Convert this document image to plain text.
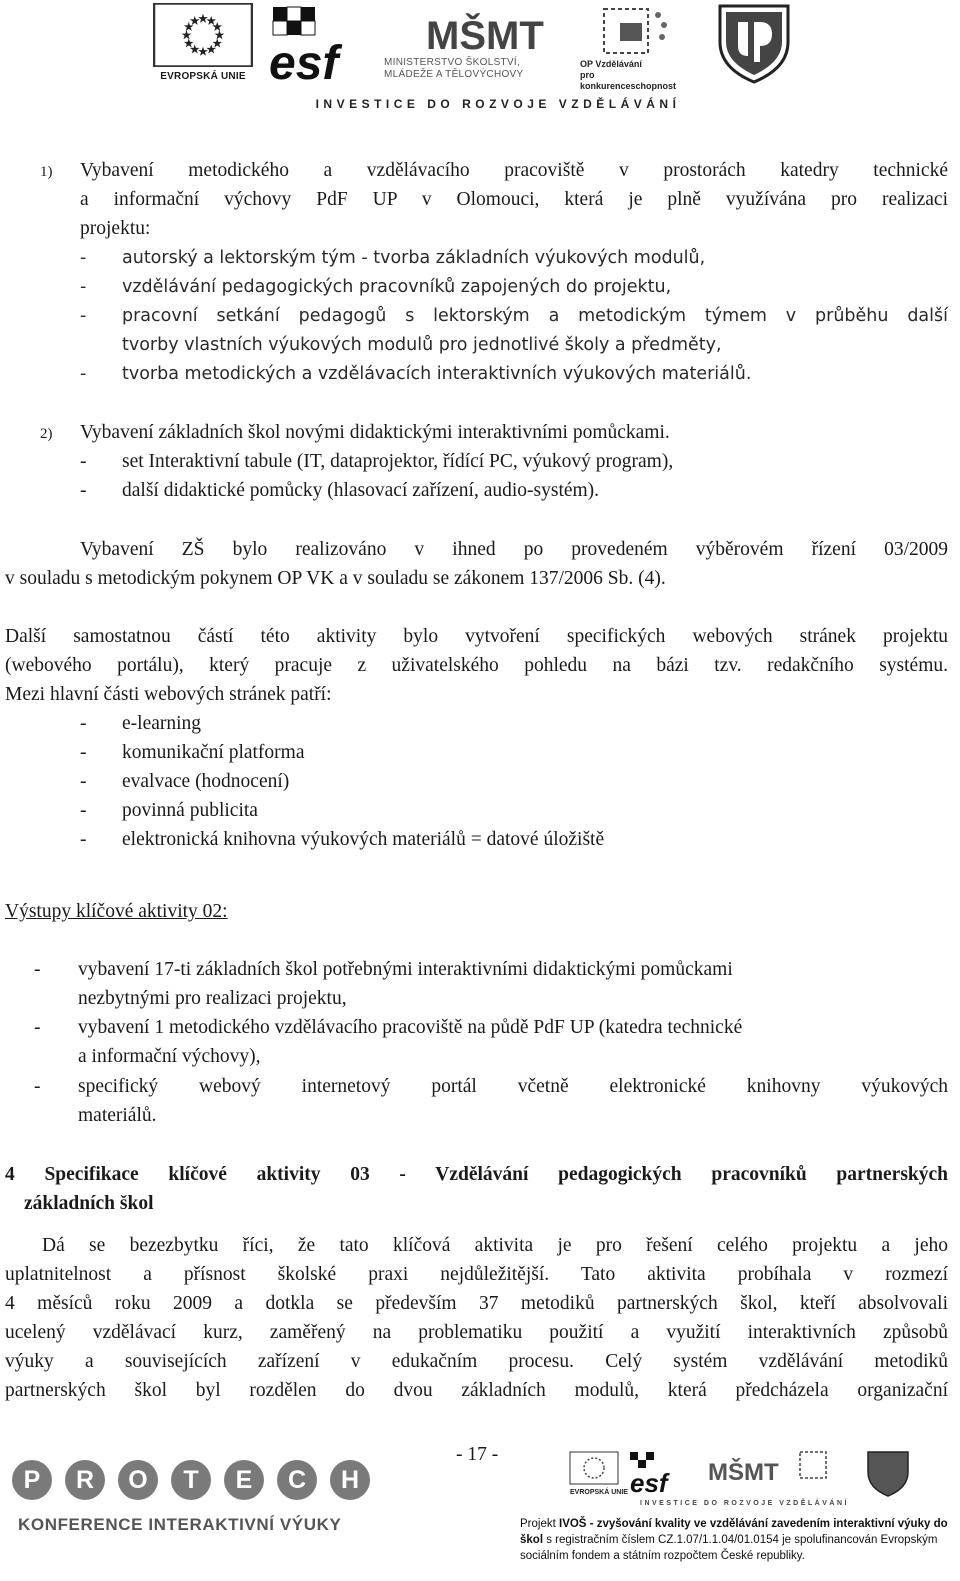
EVROPSKÁ UNIE esf
MŠMT
MINISTERSTVO ŠKOLSTVÍ,
MLÁDEŽE A TĚLOVÝCHOVY
OP Vzdělávání
pro konkurenceschopnost
INVESTICE DO ROZVOJE VZDĚLÁVÁNÍ
1) Vybavení metodického a vzdělávacího pracoviště v prostorách katedry technické
a informační výchovy PdF UP v Olomouci, která je plně využívána pro realizaci
projektu:
- autorský a lektorským tým - tvorba základních výukových modulů,
- vzdělávání pedagogických pracovníků zapojených do projektu,
- pracovní setkání pedagogů s lektorským a metodickým týmem v průběhu další
tvorby vlastních výukových modulů pro jednotlivé školy a předměty,
- tvorba metodických a vzdělávacích interaktivních výukových materiálů.
2) Vybavení základních škol novými didaktickými interaktivními pomůckami.
- set Interaktivní tabule (IT, dataprojektor, řídící PC, výukový program),
- další didaktické pomůcky (hlasovací zařízení, audio-systém).
Vybavení ZŠ bylo realizováno v ihned po provedeném výběrovém řízení 03/2009
v souladu s metodickým pokynem OP VK a v souladu se zákonem 137/2006 Sb. (4).
Další samostatnou částí této aktivity bylo vytvoření specifických webových stránek projektu
(webového portálu), který pracuje z uživatelského pohledu na bázi tzv. redakčního systému.
Mezi hlavní části webových stránek patří:
- e-learning
- komunikační platforma
- evalvace (hodnocení)
- povinná publicita
- elektronická knihovna výukových materiálů = datové úložiště
Výstupy klíčové aktivity 02:
- vybavení 17-ti základních škol potřebnými interaktivními didaktickými pomůckami
nezbytnými pro realizaci projektu,
- vybavení 1 metodického vzdělávacího pracoviště na půdě PdF UP (katedra technické
a informační výchovy),
- specifický webový internetový portál včetně elektronické knihovny výukových
materiálů.
4 Specifikace klíčové aktivity 03 - Vzdělávání pedagogických pracovníků partnerských
základních škol
Dá se bezezbytku říci, že tato klíčová aktivita je pro řešení celého projektu a jeho
uplatnitelnost a přísnost školské praxi nejdůležitější. Tato aktivita probíhala v rozmezí
4 měsíců roku 2009 a dotkla se především 37 metodiků partnerských škol, kteří absolvovali
ucelený vzdělávací kurz, zaměřený na problematiku použití a využití interaktivních způsobů
výuky a souvisejících zařízení v edukačním procesu. Celý systém vzdělávání metodiků
partnerských škol byl rozdělen do dvou základních modulů, která předcházela organizační
- 17 -
P	R	O	T	E	C	H
KONFERENCE INTERAKTIVNÍ VÝUKY
EVROPSKÁ UNIE esf MŠMT
INVESTICE DO ROZVOJE VZDĚLÁVÁNÍ
Projekt IVOŠ - zvyšování kvality ve vzdělávání zavedením interaktivní výuky do škol s registračním číslem CZ.1.07/1.1.04/01.0154 je spolufinancován Evropským sociálním fondem a státním rozpočtem České republiky.
